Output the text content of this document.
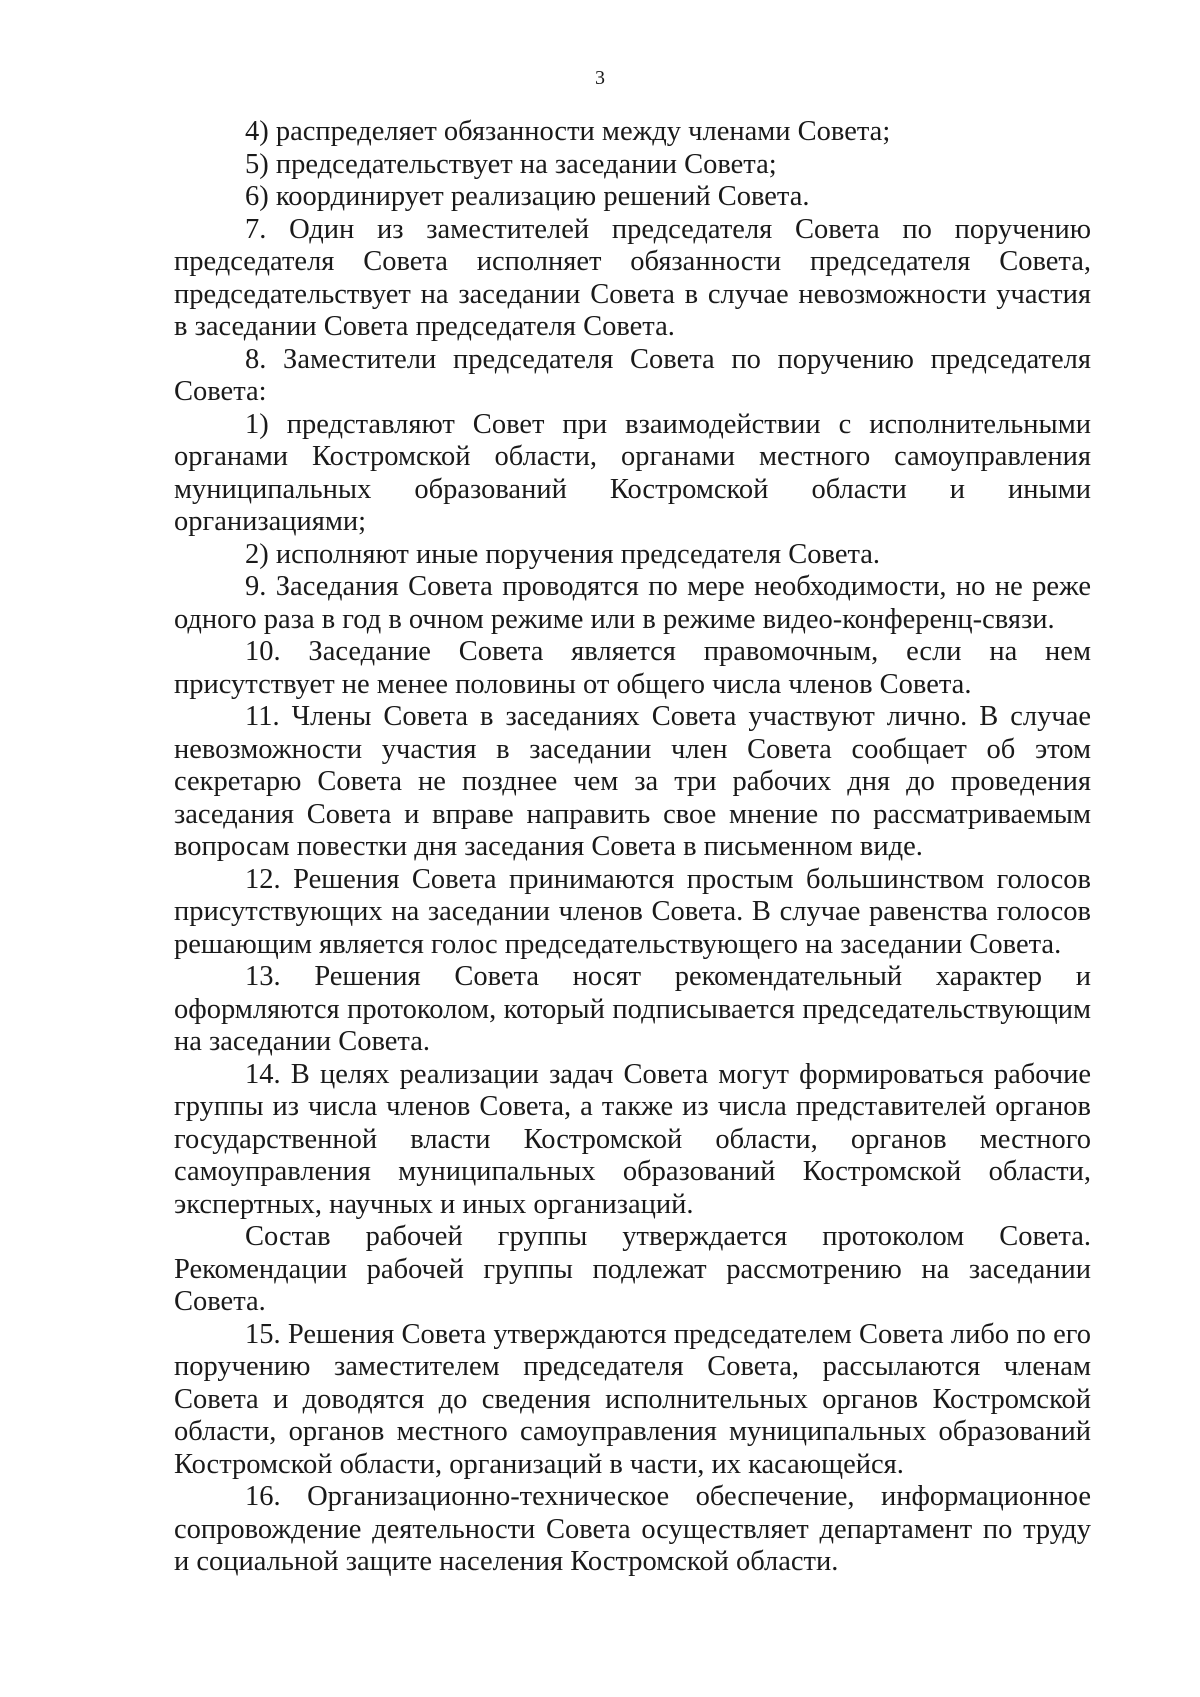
3

4) распределяет обязанности между членами Совета;

5) председательствует на заседании Совета;

6) координирует реализацию решений Совета.

7. Один из заместителей председателя Совета по поручению председателя Совета исполняет обязанности председателя Совета, председательствует на заседании Совета в случае невозможности участия в заседании Совета председателя Совета.

8. Заместители председателя Совета по поручению председателя Совета:

1) представляют Совет при взаимодействии с исполнительными органами Костромской области, органами местного самоуправления муниципальных образований Костромской области и иными организациями;

2) исполняют иные поручения председателя Совета.

9. Заседания Совета проводятся по мере необходимости, но не реже одного раза в год в очном режиме или в режиме видео-конференц-связи.

10. Заседание Совета является правомочным, если на нем присутствует не менее половины от общего числа членов Совета.

11. Члены Совета в заседаниях Совета участвуют лично. В случае невозможности участия в заседании член Совета сообщает об этом секретарю Совета не позднее чем за три рабочих дня до проведения заседания Совета и вправе направить свое мнение по рассматриваемым вопросам повестки дня заседания Совета в письменном виде.

12. Решения Совета принимаются простым большинством голосов присутствующих на заседании членов Совета. В случае равенства голосов решающим является голос председательствующего на заседании Совета.

13. Решения Совета носят рекомендательный характер и оформляются протоколом, который подписывается председательствующим на заседании Совета.

14. В целях реализации задач Совета могут формироваться рабочие группы из числа членов Совета, а также из числа представителей органов государственной власти Костромской области, органов местного самоуправления муниципальных образований Костромской области, экспертных, научных и иных организаций.

Состав рабочей группы утверждается протоколом Совета. Рекомендации рабочей группы подлежат рассмотрению на заседании Совета.

15. Решения Совета утверждаются председателем Совета либо по его поручению заместителем председателя Совета, рассылаются членам Совета и доводятся до сведения исполнительных органов Костромской области, органов местного самоуправления муниципальных образований Костромской области, организаций в части, их касающейся.

16. Организационно-техническое обеспечение, информационное сопровождение деятельности Совета осуществляет департамент по труду и социальной защите населения Костромской области.
